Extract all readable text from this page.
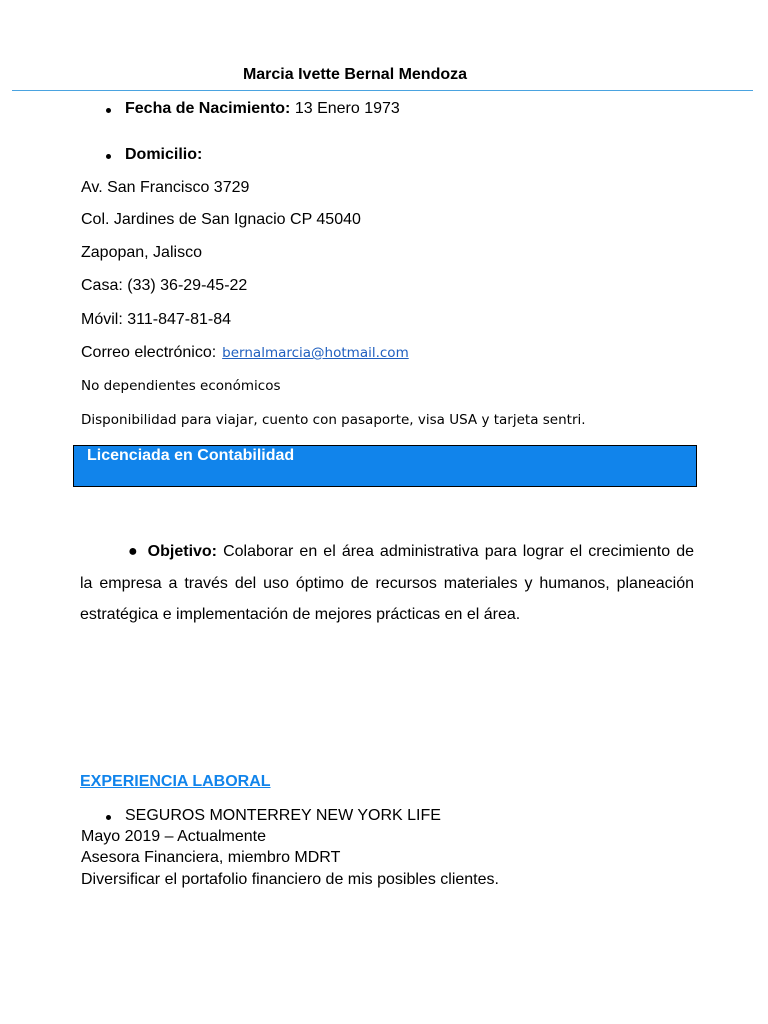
Marcia Ivette Bernal Mendoza
Fecha de Nacimiento: 13 Enero 1973
Domicilio:
Av. San Francisco 3729
Col. Jardines de San Ignacio CP 45040
Zapopan, Jalisco
Casa: (33) 36-29-45-22
Móvil: 311-847-81-84
Correo electrónico: bernalmarcia@hotmail.com
No dependientes económicos
Disponibilidad para viajar, cuento con pasaporte, visa USA y tarjeta sentri.
Licenciada en Contabilidad
● Objetivo: Colaborar en el área administrativa para lograr el crecimiento de la empresa a través del uso óptimo de recursos materiales y humanos, planeación estratégica e implementación de mejores prácticas en el área.
EXPERIENCIA LABORAL
SEGUROS MONTERREY NEW YORK LIFE
Mayo 2019 – Actualmente
Asesora Financiera, miembro MDRT
Diversificar el portafolio financiero de mis posibles clientes.
